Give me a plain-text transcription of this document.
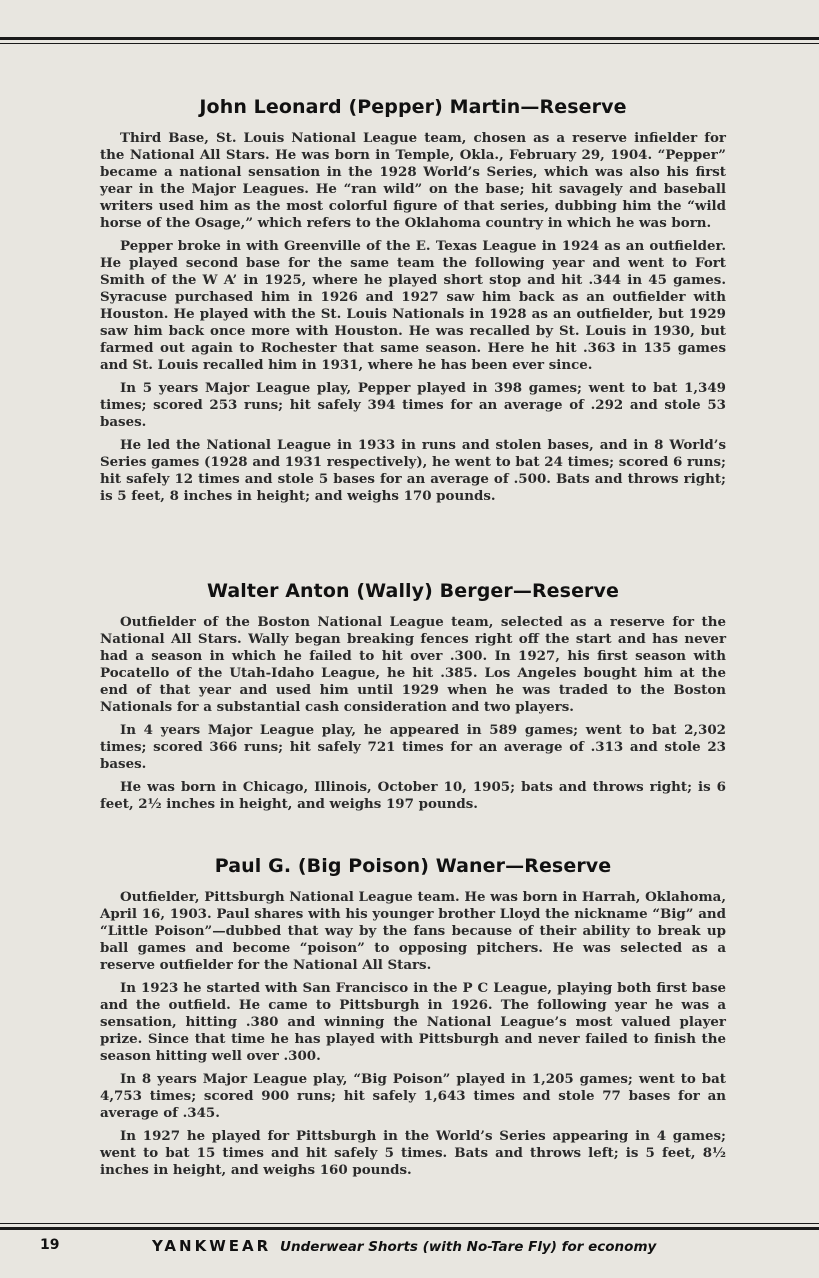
John Leonard (Pepper) Martin—Reserve

Third Base, St. Louis National League team, chosen as a reserve infielder for the National All Stars. He was born in Temple, Okla., February 29, 1904. “Pepper” became a national sensation in the 1928 World’s Series, which was also his first year in the Major Leagues. He “ran wild” on the base; hit savagely and baseball writers used him as the most colorful figure of that series, dubbing him the “wild horse of the Osage,” which refers to the Oklahoma country in which he was born.

Pepper broke in with Greenville of the E. Texas League in 1924 as an outfielder. He played second base for the same team the following year and went to Fort Smith of the W A’ in 1925, where he played short stop and hit .344 in 45 games. Syracuse purchased him in 1926 and 1927 saw him back as an outfielder with Houston. He played with the St. Louis Nationals in 1928 as an outfielder, but 1929 saw him back once more with Houston. He was recalled by St. Louis in 1930, but farmed out again to Rochester that same season. Here he hit .363 in 135 games and St. Louis recalled him in 1931, where he has been ever since.

In 5 years Major League play, Pepper played in 398 games; went to bat 1,349 times; scored 253 runs; hit safely 394 times for an average of .292 and stole 53 bases.

He led the National League in 1933 in runs and stolen bases, and in 8 World’s Series games (1928 and 1931 respectively), he went to bat 24 times; scored 6 runs; hit safely 12 times and stole 5 bases for an average of .500. Bats and throws right; is 5 feet, 8 inches in height; and weighs 170 pounds.

Walter Anton (Wally) Berger—Reserve

Outfielder of the Boston National League team, selected as a reserve for the National All Stars. Wally began breaking fences right off the start and has never had a season in which he failed to hit over .300. In 1927, his first season with Pocatello of the Utah-Idaho League, he hit .385. Los Angeles bought him at the end of that year and used him until 1929 when he was traded to the Boston Nationals for a substantial cash consideration and two players.

In 4 years Major League play, he appeared in 589 games; went to bat 2,302 times; scored 366 runs; hit safely 721 times for an average of .313 and stole 23 bases.

He was born in Chicago, Illinois, October 10, 1905; bats and throws right; is 6 feet, 2½ inches in height, and weighs 197 pounds.

Paul G. (Big Poison) Waner—Reserve

Outfielder, Pittsburgh National League team. He was born in Harrah, Oklahoma, April 16, 1903. Paul shares with his younger brother Lloyd the nickname “Big” and “Little Poison”—dubbed that way by the fans because of their ability to break up ball games and become “poison” to opposing pitchers. He was selected as a reserve outfielder for the National All Stars.

In 1923 he started with San Francisco in the P C League, playing both first base and the outfield. He came to Pittsburgh in 1926. The following year he was a sensation, hitting .380 and winning the National League’s most valued player prize. Since that time he has played with Pittsburgh and never failed to finish the season hitting well over .300.

In 8 years Major League play, “Big Poison” played in 1,205 games; went to bat 4,753 times; scored 900 runs; hit safely 1,643 times and stole 77 bases for an average of .345.

In 1927 he played for Pittsburgh in the World’s Series appearing in 4 games; went to bat 15 times and hit safely 5 times. Bats and throws left; is 5 feet, 8½ inches in height, and weighs 160 pounds.

19	YANKWEAR Underwear Shorts (with No-Tare Fly) for economy
